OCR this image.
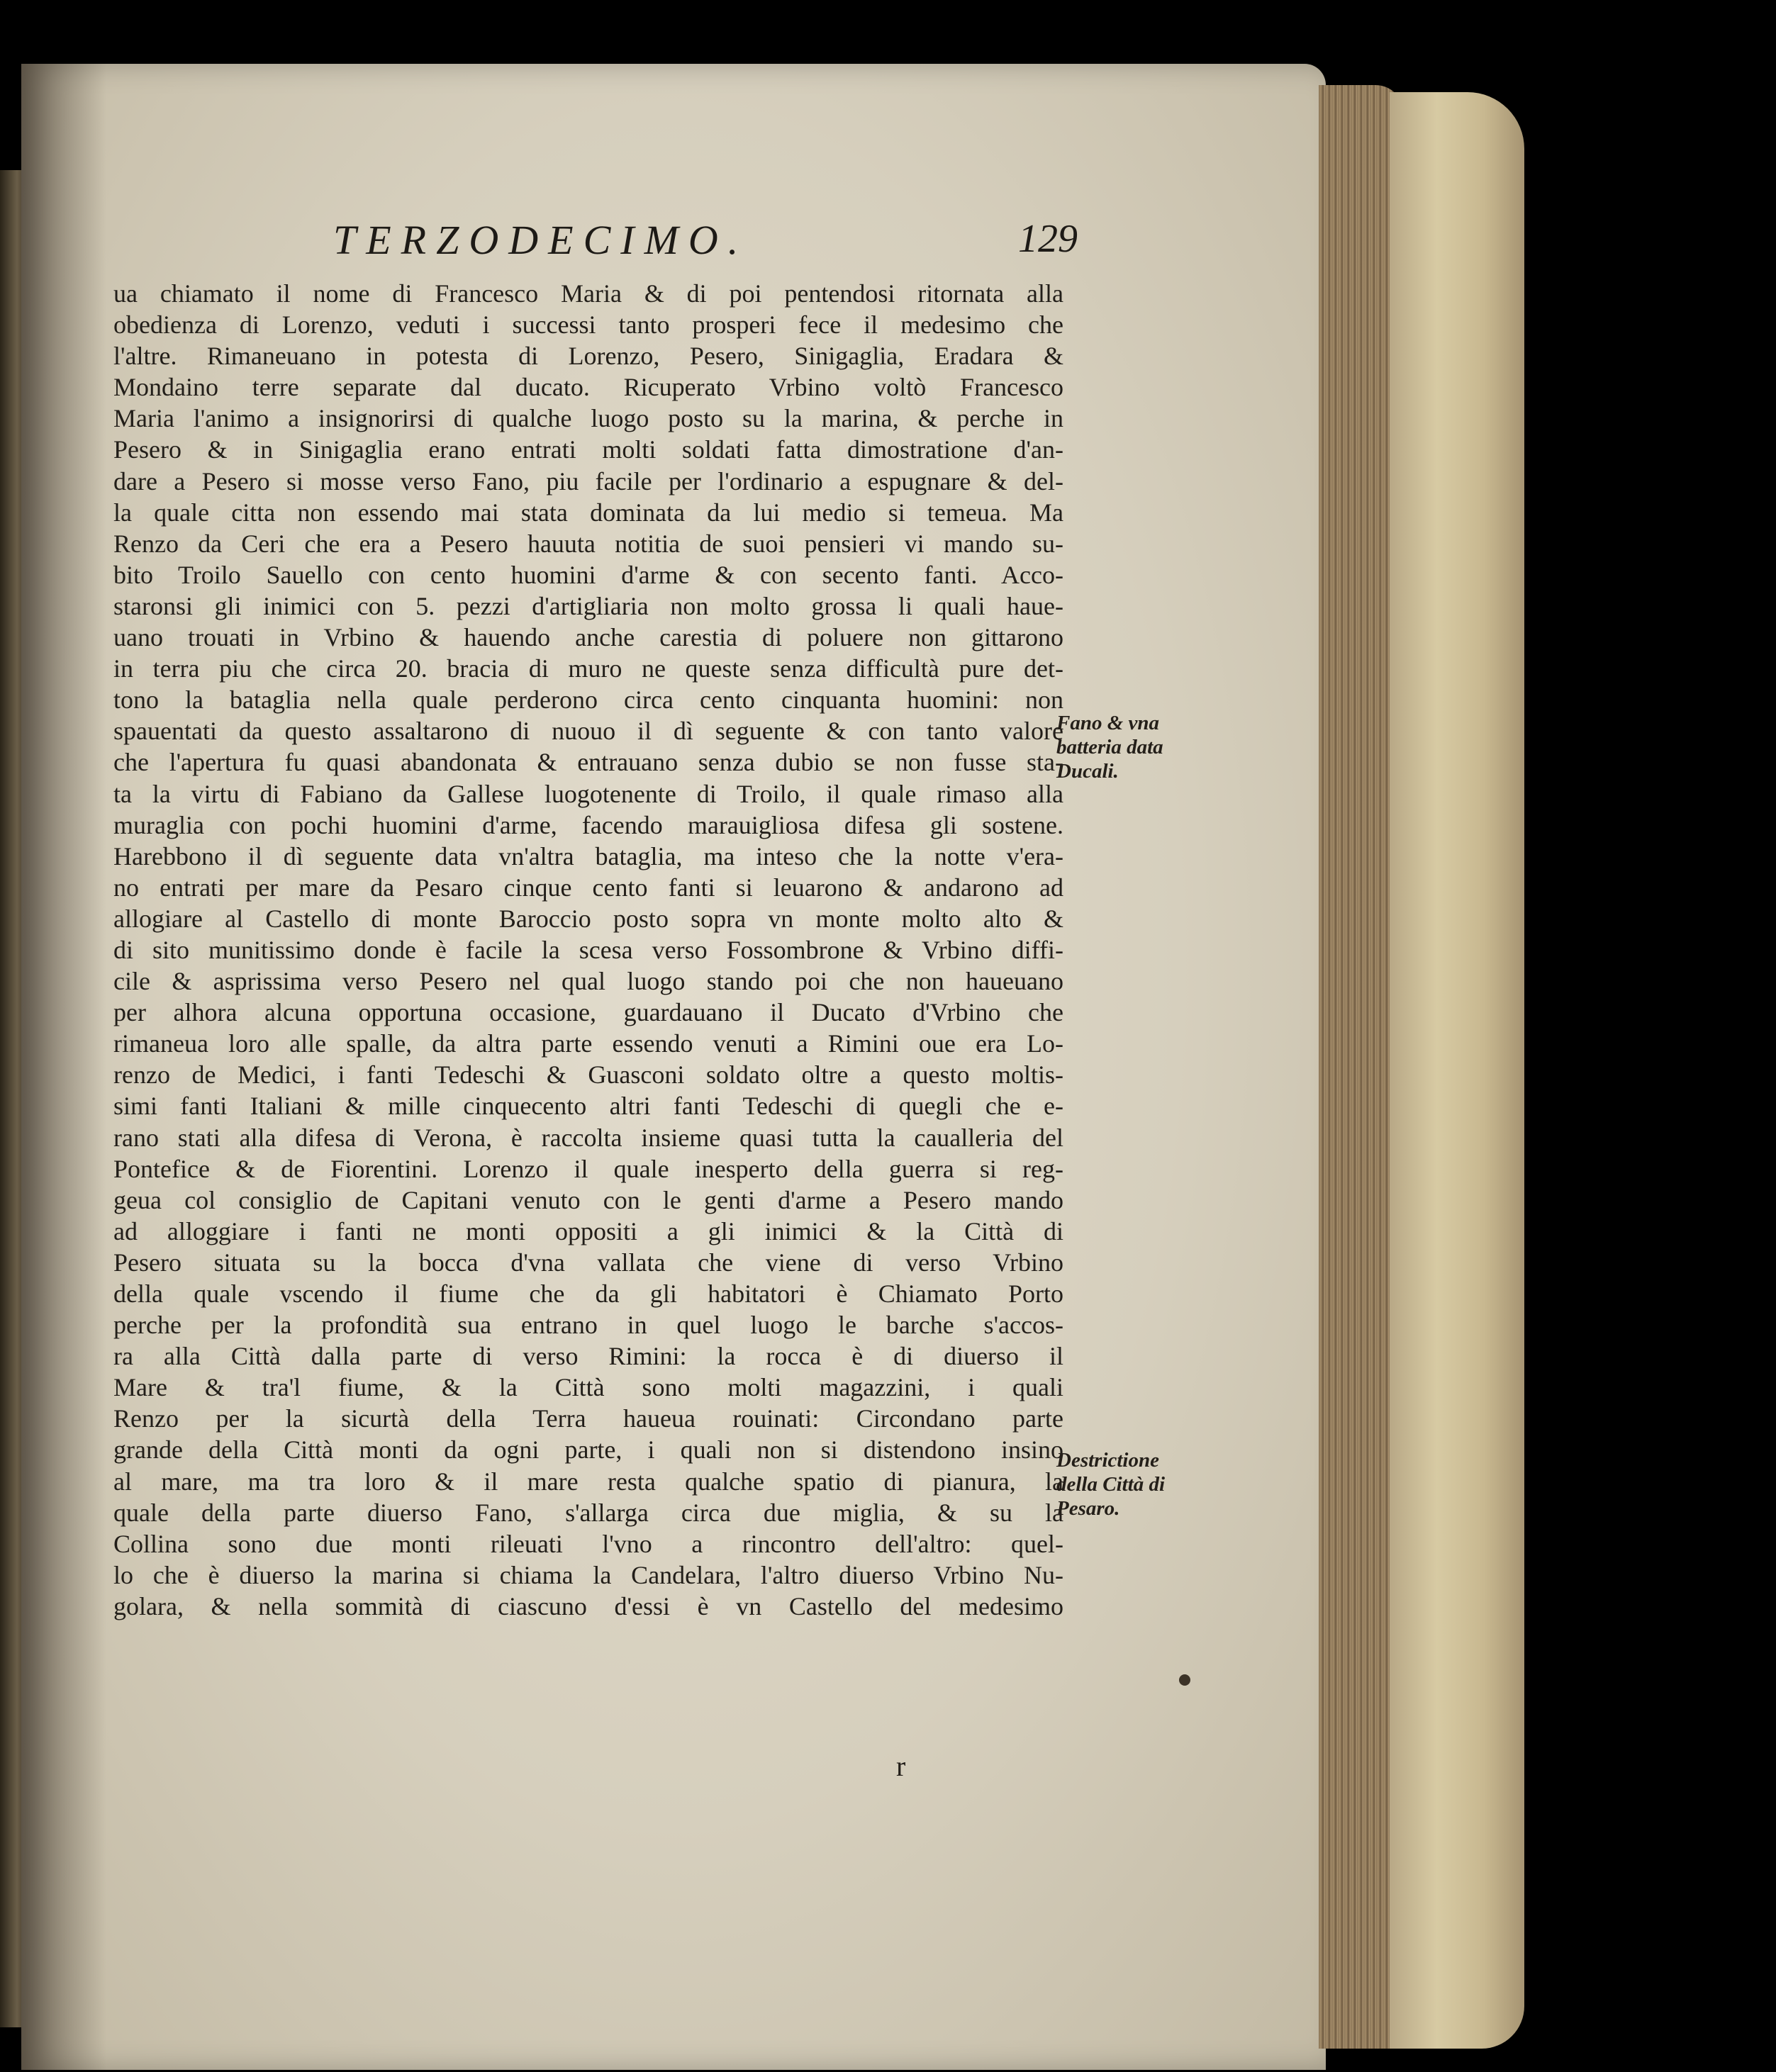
TERZODECIMO.	129
ua chiamato il nome di Francesco Maria & di poi pentendosi ritornata alla
obedienza di Lorenzo, veduti i successi tanto prosperi fece il medesimo che
l'altre. Rimaneuano in potesta di Lorenzo, Pesero, Sinigaglia, Eradara &
Mondaino terre separate dal ducato. Ricuperato Vrbino voltò Francesco
Maria l'animo a insignorirsi di qualche luogo posto su la marina, & perche in
Pesero & in Sinigaglia erano entrati molti soldati fatta dimostratione d'an-
dare a Pesero si mosse verso Fano, piu facile per l'ordinario a espugnare & del-
la quale citta non essendo mai stata dominata da lui medio si temeua. Ma
Renzo da Ceri che era a Pesero hauuta notitia de suoi pensieri vi mando su-
bito Troilo Sauello con cento huomini d'arme & con secento fanti. Acco-
staronsi gli inimici con 5. pezzi d'artigliaria non molto grossa li quali haue-
uano trouati in Vrbino & hauendo anche carestia di poluere non gittarono
in terra piu che circa 20. bracia di muro ne queste senza difficultà pure det-
tono la bataglia nella quale perderono circa cento cinquanta huomini: non
spauentati da questo assaltarono di nuouo il dì seguente & con tanto valore
che l'apertura fu quasi abandonata & entrauano senza dubio se non fusse sta-
ta la virtu di Fabiano da Gallese luogotenente di Troilo, il quale rimaso alla
muraglia con pochi huomini d'arme, facendo marauigliosa difesa gli sostene.
Harebbono il dì seguente data vn'altra bataglia, ma inteso che la notte v'era-
no entrati per mare da Pesaro cinque cento fanti si leuarono & andarono ad
allogiare al Castello di monte Baroccio posto sopra vn monte molto alto &
di sito munitissimo donde è facile la scesa verso Fossombrone & Vrbino diffi-
cile & asprissima verso Pesero nel qual luogo stando poi che non haueuano
per alhora alcuna opportuna occasione, guardauano il Ducato d'Vrbino che
rimaneua loro alle spalle, da altra parte essendo venuti a Rimini oue era Lo-
renzo de Medici, i fanti Tedeschi & Guasconi soldato oltre a questo moltis-
simi fanti Italiani & mille cinquecento altri fanti Tedeschi di quegli che e-
rano stati alla difesa di Verona, è raccolta insieme quasi tutta la caualleria del
Pontefice & de Fiorentini. Lorenzo il quale inesperto della guerra si reg-
geua col consiglio de Capitani venuto con le genti d'arme a Pesero mando
ad alloggiare i fanti ne monti oppositi a gli inimici & la Città di
Pesero situata su la bocca d'vna vallata che viene di verso Vrbino
della quale vscendo il fiume che da gli habitatori è Chiamato Porto
perche per la profondità sua entrano in quel luogo le barche s'accos-
ra alla Città dalla parte di verso Rimini: la rocca è di diuerso il
Mare & tra'l fiume, & la Città sono molti magazzini, i quali
Renzo per la sicurtà della Terra haueua rouinati: Circondano parte
grande della Città monti da ogni parte, i quali non si distendono insino
al mare, ma tra loro & il mare resta qualche spatio di pianura, la
quale della parte diuerso Fano, s'allarga circa due miglia, & su la
Collina sono due monti rileuati l'vno a rincontro dell'altro: quel-
lo che è diuerso la marina si chiama la Candelara, l'altro diuerso Vrbino Nu-
golara, & nella sommità di ciascuno d'essi è vn Castello del medesimo
Fano & vna
batteria data
Ducali.
Destrictione
della Città di
Pesaro.
r
